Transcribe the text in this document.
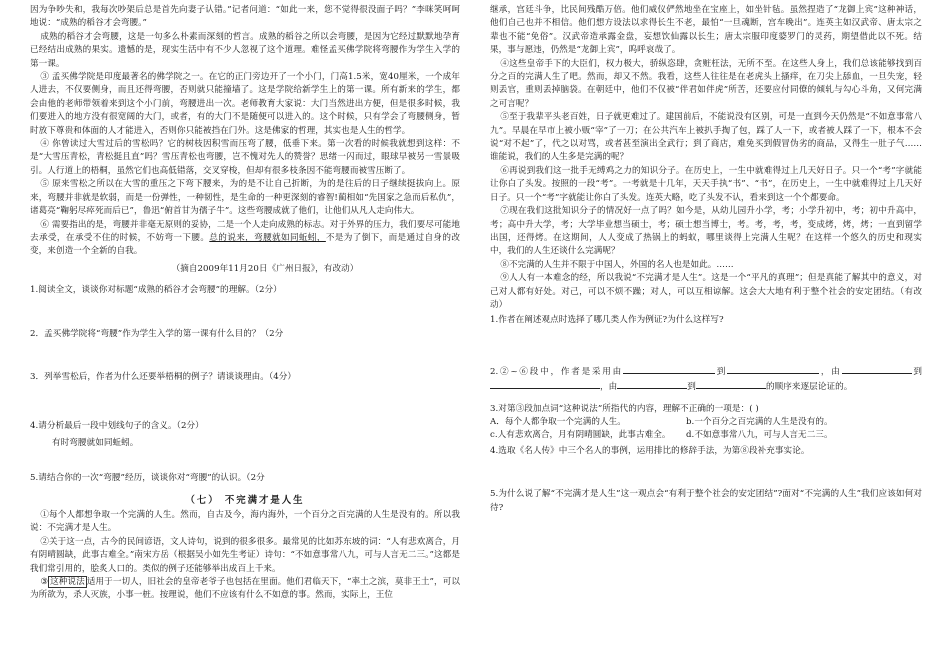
因为争吵失和，我每次吵架后总是首先向妻子认错。”记者问道：“如此一来，您不觉得很没面子吗？”李咪笑呵呵地说：“成熟的稻谷才会弯腰。”

成熟的稻谷才会弯腰，这是一句多么朴素而深刻的哲言。成熟的稻谷之所以会弯腰，是因为它经过默默地孕育已经结出成熟的果实。遗憾的是，现实生活中有不少人忽视了这个道理。难怪孟买佛学院将弯腰作为学生入学的第一课。

③ 孟买佛学院是印度最著名的佛学院之一。在它的正门旁边开了一个小门，门高1.5米，宽40厘米，一个成年人进去，不仅要侧身，而且还得弯腰，否则就只能撞墙了。这是学院给新学生上的第一课。所有新来的学生，都会由他的老师带领着来到这个小门前，弯腰进出一次。老师教育大家说：大门当然进出方便，但是很多时候，我们要进入的地方没有很宽阔的大门，或者，有的大门不是随便可以进入的。这个时候，只有学会了弯腰侧身，暂时放下尊贵和体面的人才能进入，否则你只能被挡在门外。这是佛家的哲理，其实也是人生的哲学。

④ 你曾读过大雪过后的雪松吗？它的树枝因积雪而压弯了腰，低垂下来。第一次看的时候我就想到这样：不是“大雪压青松，青松挺且直”吗？雪压青松也弯腰，岂不愧对先人的赞誉？思绪一闪而过，眼球早被另一雪景吸引。人行道上的梧桐，虽然它们也高低错落，交叉穿梭，但却有很多枝条因不能弯腰而被雪压断了。

⑤ 原来雪松之所以在大雪的重压之下弯下腰来，为的是不让自己折断，为的是往后的日子继续挺拔向上。原来，弯腰并非就是软弱，而是一份弹性，一种韧性，是生命的一种更深刻的睿智!蔺相如“先国家之急而后私仇”，诸葛亮“鞠躬尽瘁死而后已”，鲁迅“俯首甘为孺子牛”。这些弯腰成就了他们，让他们从凡人走向伟大。

⑥ 需要指出的是，弯腰并非毫无原则的妥协，二是一个人走向成熟的标志。对于外界的压力，我们要尽可能地去承受，在承受不住的时候，不妨弯一下腰。总的说来，弯腰就如同蚯蚓，不是为了倒下，而是通过自身的改变，来创造一个全新的自我。

（摘自2009年11月20日《广州日报》，有改动）

1.阅读全文，谈谈你对标题“成熟的稻谷才会弯腰”的理解。（2分）

2．孟买佛学院将“弯腰”作为学生入学的第一课有什么目的？（2分

3．列举雪松后，作者为什么还要举梧桐的例子？请谈谈理由。（4分）

4.请分析最后一段中划线句子的含义。（2分）

有时弯腰就如同蚯蚓。

5.请结合你的一次“弯腰”经历，谈谈你对“弯腰”的认识。（2分

（七） 不完满才是人生

①每个人都想争取一个完满的人生。然而，自古及今，海内海外，一个百分之百完满的人生是没有的。所以我说：不完满才是人生。

②关于这一点，古今的民间谚语，文人诗句，说到的很多很多。最常见的比如苏东坡的词：“人有悲欢离合，月有阴晴圆缺，此事古难全。”南宋方岳（根据吴小如先生考证）诗句：“不如意事常八九，可与人言无二三。”这都是我们常引用的，脍炙人口的。类似的例子还能够举出成百上千来。

③ 这种说法 适用于一切人，旧社会的皇帝老爷子也包括在里面。他们君临天下，“率土之滨，莫非王土”，可以为所欲为，杀人灭族，小事一桩。按理说，他们不应该有什么不如意的事。然而，实际上，王位

继承，宫廷斗争，比民间残酷万倍。他们威仪俨然地坐在宝座上，如坐针毡。虽然捏造了“龙御上宾”这种神话，他们自己也并不相信。他们想方设法以求得长生不老，最怕“一旦魂断，宫车晚出”。连英主如汉武帝、唐太宗之辈也不能“免俗”。汉武帝造承露金盘，妄想饮仙露以长生；唐太宗服印度婆罗门的灵药，期望借此以不死。结果，事与愿违，仍然是“龙御上宾”，呜呼哀哉了。

④这些皇帝手下的大臣们，权力极大，骄纵恣肆，贪赃枉法，无所不至。在这些人身上，我们总该能够找到百分之百的完满人生了吧。然而，却又不然。我看，这些人往往是在老虎头上搔痒，在刀尖上舔血，一旦失宠，轻则丢官，重则丢掉脑袋。在朝廷中，他们不仅被“伴君如伴虎”所苦，还要应付同僚的倾轧与勾心斗角，又何完满之可言呢？

⑤至于我辈平头老百姓，日子就更难过了。建国前后，不能说没有区别，可是一直到今天仍然是“不如意事常八九”。早晨在早市上被小贩“宰”了一刀；在公共汽车上被扒手掏了包，踩了人一下，或者被人踩了一下，根本不会说“对不起”了，代之以对骂，或者甚至演出全武行；到了商店，难免买到假冒伪劣的商品，又得生一肚子气……谁能说，我们的人生多是完满的呢？

⑥再说到我们这一批手无缚鸡之力的知识分子。在历史上，一生中就难得过上几天好日子。只一个“考”字就能让你白了头发。按照的一段“考”。一考就是十几年，天天手执“书”、“书”，在历史上，一生中就难得过上几天好日子。只一个“考”字就能让你白了头发。连英大略，吃了头发不认，看来到这一个个都要命。

⑦现在我们这批知识分子的情况好一点了吗？如今是，从幼儿园升小学，考；小学升初中，考；初中升高中，考；高中升大学，考；大学毕业想当硕士，考；硕士想当博士，考。考，考，考，变成烤，烤，烤；一直到留学出国，还得烤。在这期间，人人变成了热锅上的蚂蚁，哪里谈得上完满人生呢？在这样一个悠久的历史和现实中，我们的人生还谈什么完满呢？

⑧不完满的人生并不限于中国人，外国的名人也是如此。……

⑨人人有一本难念的经，所以我说“不完满才是人生”。这是一个“平凡的真理”；但是真能了解其中的意义，对己对人都有好处。对己，可以不烦不躁；对人，可以互相谅解。这会大大地有利于整个社会的安定团结。（有改动）

1.作者在阐述观点时选择了哪几类人作为例证?为什么这样写?

2.②~⑥段中，作者是采用由	到	，由	到，由	到	的顺序来逐层论证的。

3.对第③段加点词“这种说法”所指代的内容，理解不正确的一项是：( )

A．每个人都争取一个完满的人生。	b.一个百分之百完满的人生是没有的。

c.人有悲欢离合，月有阴晴圆缺，此事古难全。 d.不如意事常八九，可与人言无二三。

4.选取《名人传》中三个名人的事例，运用排比的修辞手法，为第⑧段补充事实论。

5.为什么说了解“不完满才是人生”这一观点会“有利于整个社会的安定团结”?面对“不完满的人生”我们应该如何对待?
